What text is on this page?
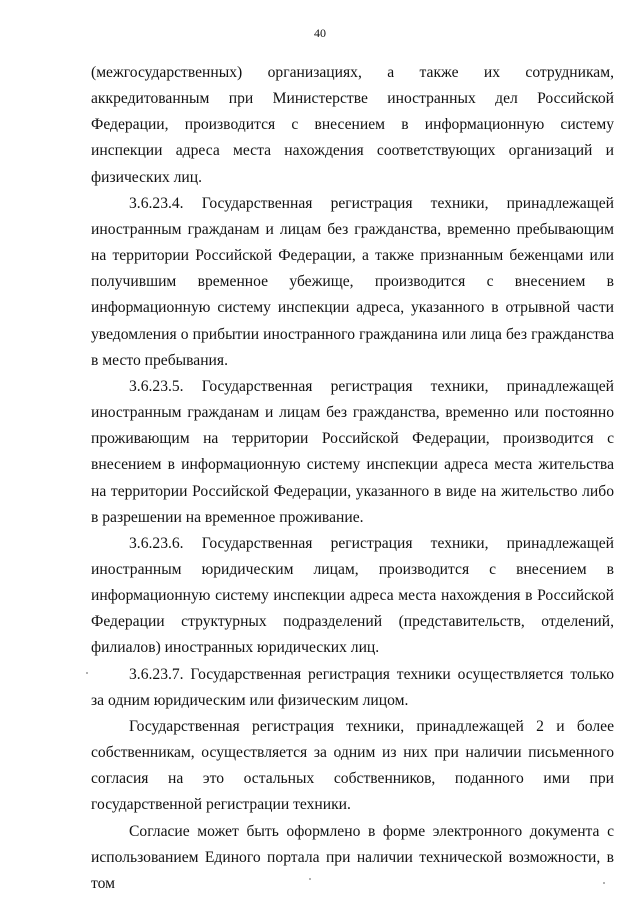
40

(межгосударственных) организациях, а также их сотрудникам, аккредитованным при Министерстве иностранных дел Российской Федерации, производится с внесением в информационную систему инспекции адреса места нахождения соответствующих организаций и физических лиц.

3.6.23.4. Государственная регистрация техники, принадлежащей иностранным гражданам и лицам без гражданства, временно пребывающим на территории Российской Федерации, а также признанным беженцами или получившим временное убежище, производится с внесением в информационную систему инспекции адреса, указанного в отрывной части уведомления о прибытии иностранного гражданина или лица без гражданства в место пребывания.

3.6.23.5. Государственная регистрация техники, принадлежащей иностранным гражданам и лицам без гражданства, временно или постоянно проживающим на территории Российской Федерации, производится с внесением в информационную систему инспекции адреса места жительства на территории Российской Федерации, указанного в виде на жительство либо в разрешении на временное проживание.

3.6.23.6. Государственная регистрация техники, принадлежащей иностранным юридическим лицам, производится с внесением в информационную систему инспекции адреса места нахождения в Российской Федерации структурных подразделений (представительств, отделений, филиалов) иностранных юридических лиц.

3.6.23.7. Государственная регистрация техники осуществляется только за одним юридическим или физическим лицом.

Государственная регистрация техники, принадлежащей 2 и более собственникам, осуществляется за одним из них при наличии письменного согласия на это остальных собственников, поданного ими при государственной регистрации техники.

Согласие может быть оформлено в форме электронного документа с использованием Единого портала при наличии технической возможности, в том
